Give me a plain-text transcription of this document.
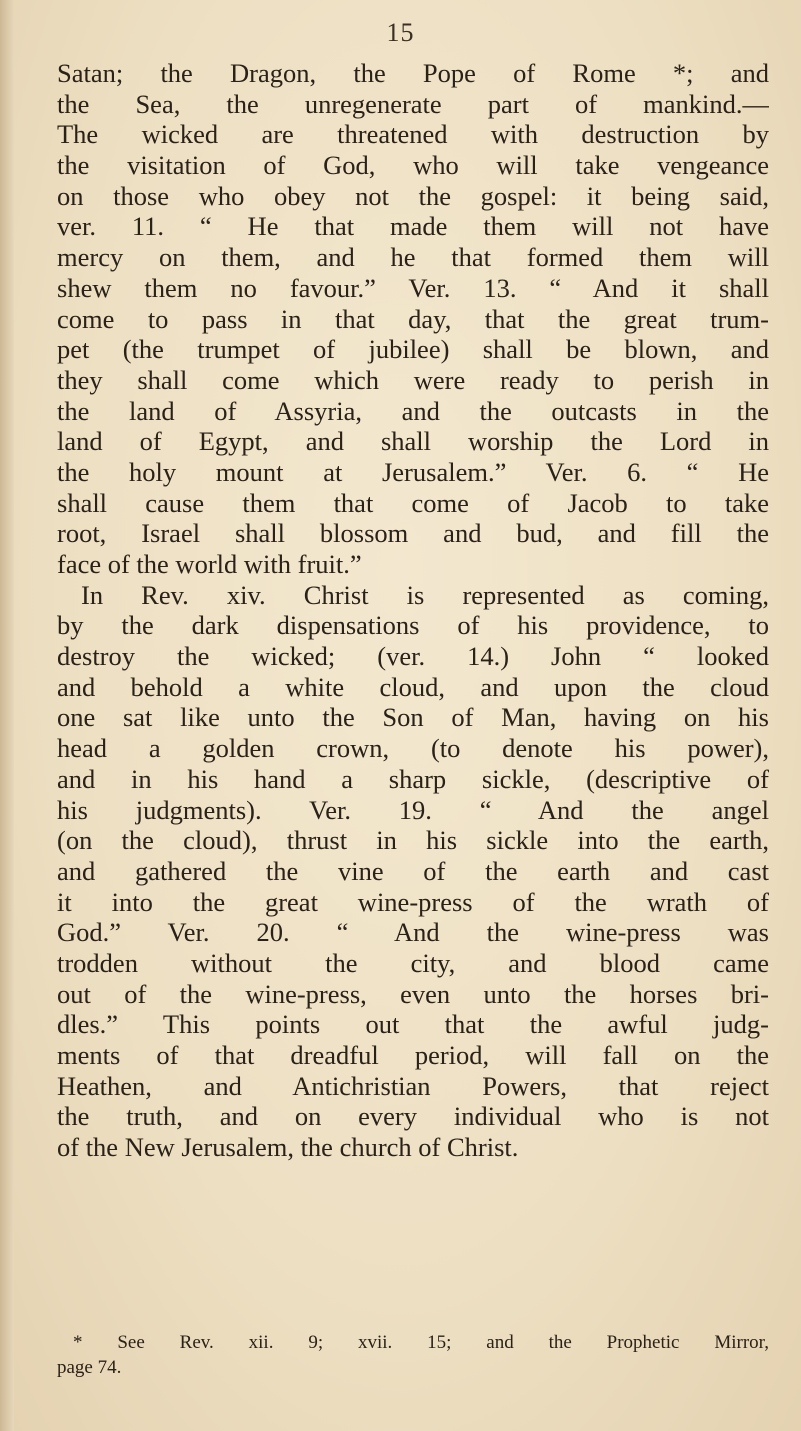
15
Satan; the Dragon, the Pope of Rome *; and
the Sea, the unregenerate part of mankind.—
The wicked are threatened with destruction by
the visitation of God, who will take vengeance
on those who obey not the gospel: it being said,
ver. 11. “ He that made them will not have
mercy on them, and he that formed them will
shew them no favour.” Ver. 13. “ And it shall
come to pass in that day, that the great trum-
pet (the trumpet of jubilee) shall be blown, and
they shall come which were ready to perish in
the land of Assyria, and the outcasts in the
land of Egypt, and shall worship the Lord in
the holy mount at Jerusalem.” Ver. 6. “ He
shall cause them that come of Jacob to take
root, Israel shall blossom and bud, and fill the
face of the world with fruit.”
In Rev. xiv. Christ is represented as coming,
by the dark dispensations of his providence, to
destroy the wicked; (ver. 14.) John “ looked
and behold a white cloud, and upon the cloud
one sat like unto the Son of Man, having on his
head a golden crown, (to denote his power),
and in his hand a sharp sickle, (descriptive of
his judgments). Ver. 19. “ And the angel
(on the cloud), thrust in his sickle into the earth,
and gathered the vine of the earth and cast
it into the great wine-press of the wrath of
God.” Ver. 20. “ And the wine-press was
trodden without the city, and blood came
out of the wine-press, even unto the horses bri-
dles.” This points out that the awful judg-
ments of that dreadful period, will fall on the
Heathen, and Antichristian Powers, that reject
the truth, and on every individual who is not
of the New Jerusalem, the church of Christ.
* See Rev. xii. 9; xvii. 15; and the Prophetic Mirror,
page 74.
